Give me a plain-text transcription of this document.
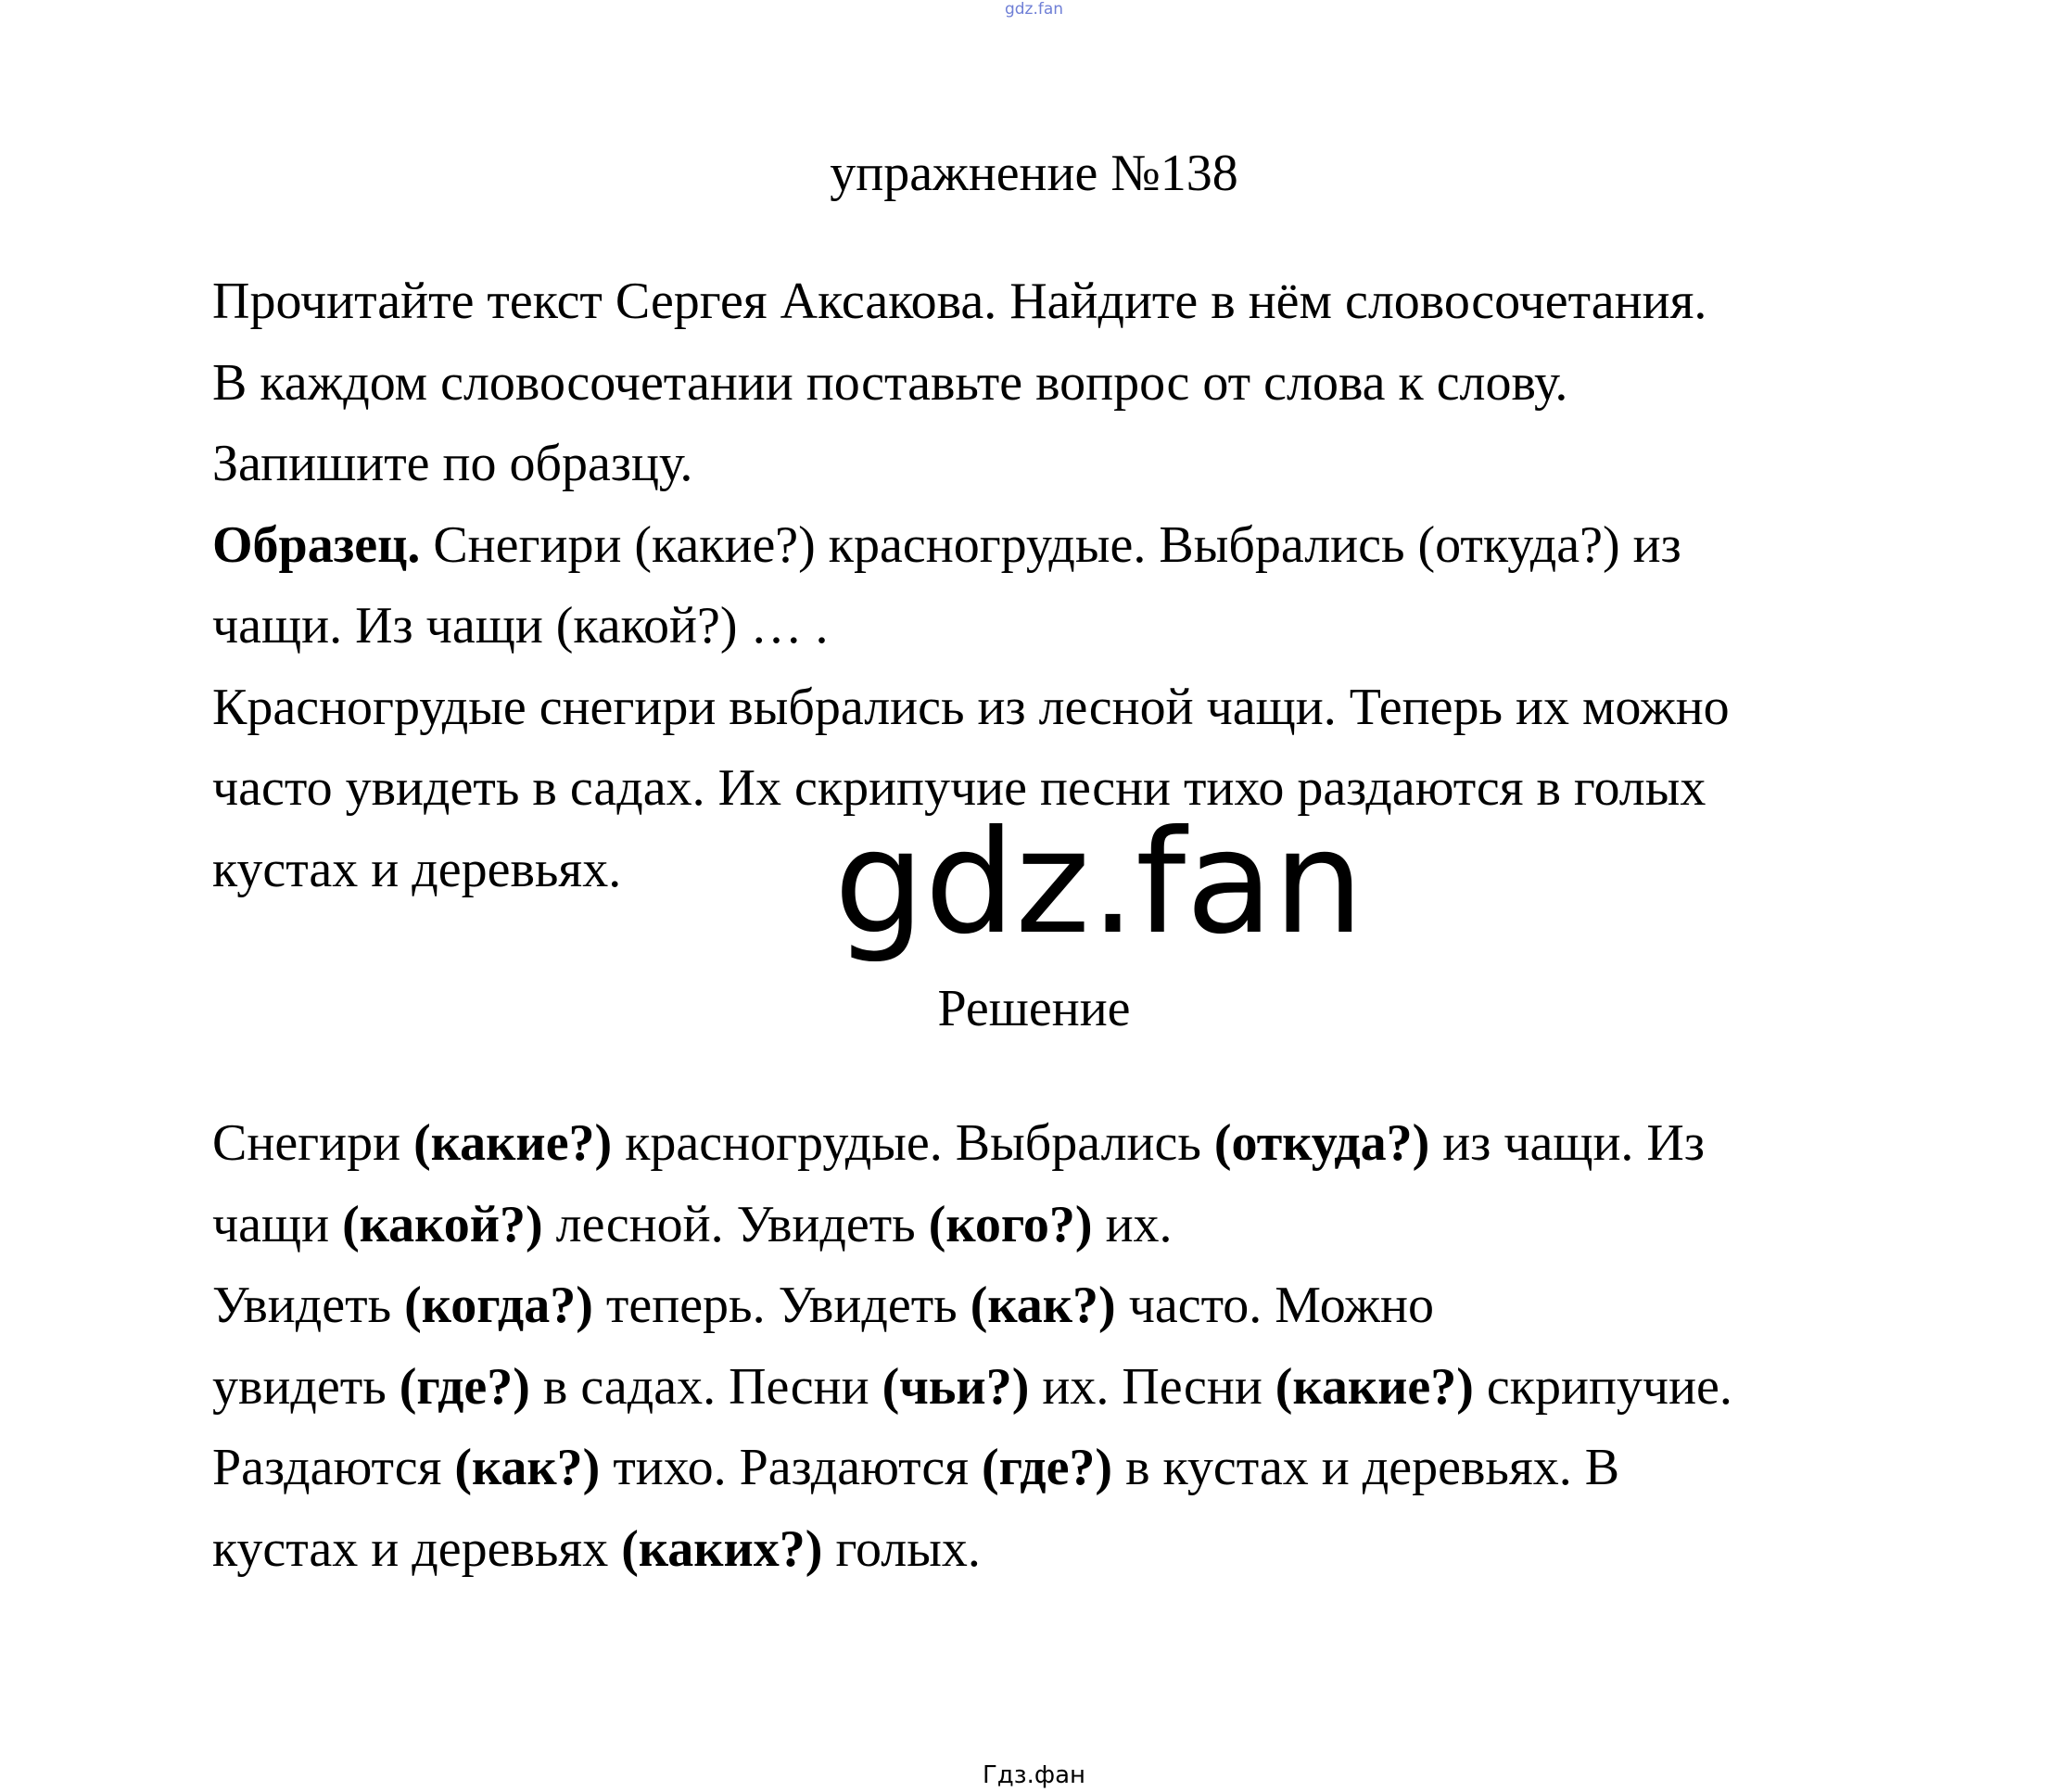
gdz.fan
упражнение №138

Прочитайте текст Сергея Аксакова. Найдите в нём словосочетания.

В каждом словосочетании поставьте вопрос от слова к слову.

Запишите по образцу.

Образец. Снегири (какие?) красногрудые. Выбрались (откуда?) из

чащи. Из чащи (какой?) … .

Красногрудые снегири выбрались из лесной чащи. Теперь их можно

часто увидеть в садах. Их скрипучие песни тихо раздаются в голых

кустах и деревьях.	gdz.fan
Решение

Снегири (какие?) красногрудые. Выбрались (откуда?) из чащи. Из

чащи (какой?) лесной. Увидеть (кого?) их.

Увидеть (когда?) теперь. Увидеть (как?) часто. Можно

увидеть (где?) в садах. Песни (чьи?) их. Песни (какие?) скрипучие.

Раздаются (как?) тихо. Раздаются (где?) в кустах и деревьях. В

кустах и деревьях (каких?) голых.

Гдз.фан
